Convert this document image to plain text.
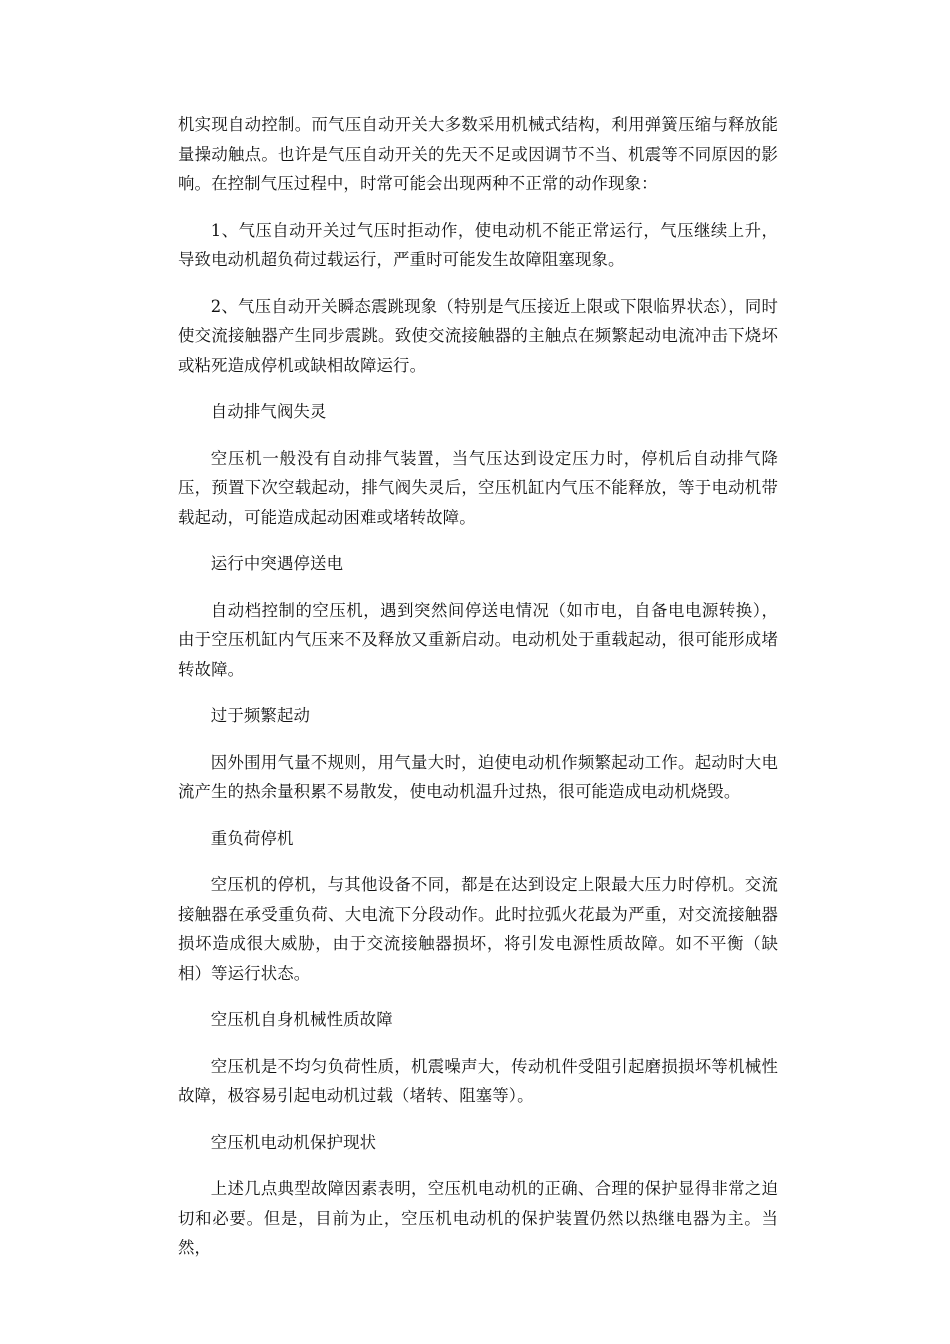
机实现自动控制。而气压自动开关大多数采用机械式结构，利用弹簧压缩与释放能量操动触点。也许是气压自动开关的先天不足或因调节不当、机震等不同原因的影响。在控制气压过程中，时常可能会出现两种不正常的动作现象：

1、气压自动开关过气压时拒动作，使电动机不能正常运行，气压继续上升，导致电动机超负荷过载运行，严重时可能发生故障阻塞现象。

2、气压自动开关瞬态震跳现象（特别是气压接近上限或下限临界状态），同时使交流接触器产生同步震跳。致使交流接触器的主触点在频繁起动电流冲击下烧坏或粘死造成停机或缺相故障运行。

自动排气阀失灵

空压机一般没有自动排气装置，当气压达到设定压力时，停机后自动排气降压，预置下次空载起动，排气阀失灵后，空压机缸内气压不能释放，等于电动机带载起动，可能造成起动困难或堵转故障。

运行中突遇停送电

自动档控制的空压机，遇到突然间停送电情况（如市电，自备电电源转换），由于空压机缸内气压来不及释放又重新启动。电动机处于重载起动，很可能形成堵转故障。

过于频繁起动

因外围用气量不规则，用气量大时，迫使电动机作频繁起动工作。起动时大电流产生的热余量积累不易散发，使电动机温升过热，很可能造成电动机烧毁。

重负荷停机

空压机的停机，与其他设备不同，都是在达到设定上限最大压力时停机。交流接触器在承受重负荷、大电流下分段动作。此时拉弧火花最为严重，对交流接触器损坏造成很大威胁，由于交流接触器损坏，将引发电源性质故障。如不平衡（缺相）等运行状态。

空压机自身机械性质故障

空压机是不均匀负荷性质，机震噪声大，传动机件受阻引起磨损损坏等机械性故障，极容易引起电动机过载（堵转、阻塞等）。

空压机电动机保护现状

上述几点典型故障因素表明，空压机电动机的正确、合理的保护显得非常之迫切和必要。但是，目前为止，空压机电动机的保护装置仍然以热继电器为主。当然，
